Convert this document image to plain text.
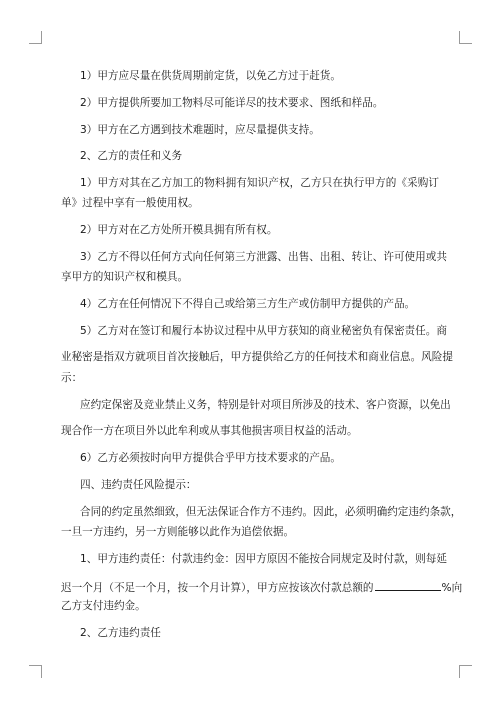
1）甲方应尽量在供货周期前定货，以免乙方过于赶货。
2）甲方提供所要加工物料尽可能详尽的技术要求、图纸和样品。
3）甲方在乙方遇到技术难题时，应尽量提供支持。
2、乙方的责任和义务
1）甲方对其在乙方加工的物料拥有知识产权，乙方只在执行甲方的《采购订
单》过程中享有一般使用权。
2）甲方对在乙方处所开模具拥有所有权。
3）乙方不得以任何方式向任何第三方泄露、出售、出租、转让、许可使用或共
享甲方的知识产权和模具。
4）乙方在任何情况下不得自己或给第三方生产或仿制甲方提供的产品。
5）乙方对在签订和履行本协议过程中从甲方获知的商业秘密负有保密责任。商
业秘密是指双方就项目首次接触后，甲方提供给乙方的任何技术和商业信息。风险提
示：
应约定保密及竞业禁止义务，特别是针对项目所涉及的技术、客户资源，以免出
现合作一方在项目外以此牟利或从事其他损害项目权益的活动。
6）乙方必须按时向甲方提供合乎甲方技术要求的产品。
四、违约责任风险提示：
合同的约定虽然细致，但无法保证合作方不违约。因此，必须明确约定违约条款，
一旦一方违约，另一方则能够以此作为追偿依据。
1、甲方违约责任：付款违约金：因甲方原因不能按合同规定及时付款，则每延
迟一个月（不足一个月，按一个月计算），甲方应按该次付款总额的	%向
乙方支付违约金。
2、乙方违约责任
